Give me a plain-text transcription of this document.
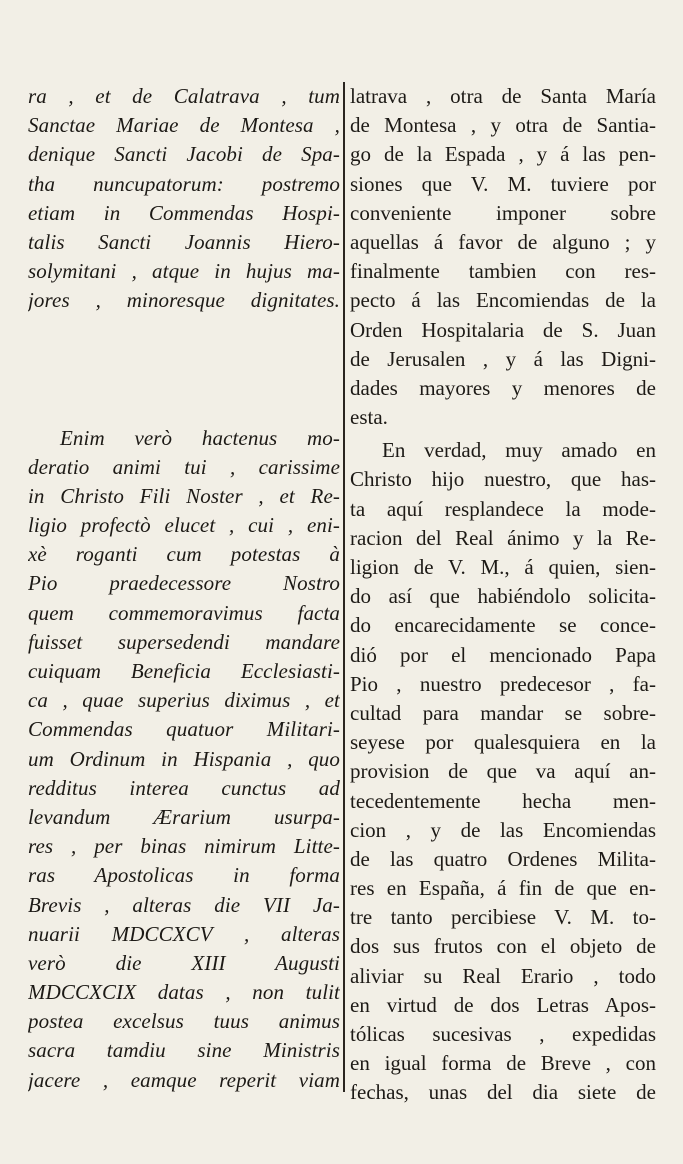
ra , et de Calatrava , tum
Sanctae Mariae de Montesa ,
denique Sancti Jacobi de Spa-
tha nuncupatorum: postremo
etiam in Commendas Hospi-
talis Sancti Joannis Hiero-
solymitani , atque in hujus ma-
jores , minoresque dignitates.
Enim verò hactenus mo-
deratio animi tui , carissime
in Christo Fili Noster , et Re-
ligio profectò elucet , cui , eni-
xè roganti cum potestas à
Pio praedecessore Nostro
quem commemoravimus facta
fuisset supersedendi mandare
cuiquam Beneficia Ecclesiasti-
ca , quae superius diximus , et
Commendas quatuor Militari-
um Ordinum in Hispania , quo
redditus interea cunctus ad
levandum Ærarium usurpa-
res , per binas nimirum Litte-
ras Apostolicas in forma
Brevis , alteras die VII Ja-
nuarii MDCCXCV , alteras
verò die XIII Augusti
MDCCXCIX datas , non tulit
postea excelsus tuus animus
sacra tamdiu sine Ministris
jacere , eamque reperit viam
latrava , otra de Santa María
de Montesa , y otra de Santia-
go de la Espada , y á las pen-
siones que V. M. tuviere por
conveniente imponer sobre
aquellas á favor de alguno ; y
finalmente tambien con res-
pecto á las Encomiendas de la
Orden Hospitalaria de S. Juan
de Jerusalen , y á las Digni-
dades mayores y menores de
esta.
En verdad, muy amado en
Christo hijo nuestro, que has-
ta aquí resplandece la mode-
racion del Real ánimo y la Re-
ligion de V. M., á quien, sien-
do así que habiéndolo solicita-
do encarecidamente se conce-
dió por el mencionado Papa
Pio , nuestro predecesor , fa-
cultad para mandar se sobre-
seyese por qualesquiera en la
provision de que va aquí an-
tecedentemente hecha men-
cion , y de las Encomiendas
de las quatro Ordenes Milita-
res en España, á fin de que en-
tre tanto percibiese V. M. to-
dos sus frutos con el objeto de
aliviar su Real Erario , todo
en virtud de dos Letras Apos-
tólicas sucesivas , expedidas
en igual forma de Breve , con
fechas, unas del dia siete de
